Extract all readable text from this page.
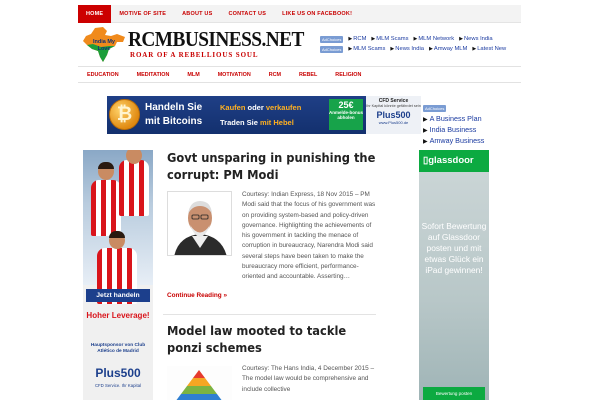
HOME	MOTIVE OF SITE	ABOUT US	CONTACT US	LIKE US ON FACEBOOK!
India My Love RCMBUSINESS.NET
ROAR OF A REBELLIOUS SOUL
AdChoices	▶RCM ▶MLM Scams ▶MLM Network ▶News India
AdChoices	▶MLM Scams ▶News India ▶Amway MLM ▶Latest New
EDUCATION	MEDITATION	MLM	MOTIVATION	RCM	REBEL	RELIGION
₿	Handeln Sie
mit Bitcoins
Kaufen oder verkaufen
Traden Sie mit Hebel
25€
Anmelde-bonus abholen
CFD Service
Ihr Kapital könnte gefährdet sein
Plus500
www.Plus500.de
AdChoices
▶ A Business Plan
▶ India Business
▶ Amway Business
Jetzt handeln
Hoher Leverage!
Hauptsponsor von Club Atlético de Madrid
Plus500
CFD Service. Ihr Kapital
Govt unsparing in punishing the corrupt: PM Modi

Courtesy: Indian Express, 18 Nov 2015 – PM Modi said that the focus of his government was on providing system-based and policy-driven governance. Highlighting the achievements of his government in tackling the menace of corruption in bureaucracy, Narendra Modi said several steps have been taken to make the bureaucracy more efficient, performance-oriented and accountable. Asserting…

Continue Reading »
Model law mooted to tackle ponzi schemes

Courtesy: The Hans India, 4 December 2015 – The model law would be comprehensive and include collective

▯glassdoor
Sofort Bewertung auf Glassdoor posten und mit etwas Glück ein iPad gewinnen!
Bewertung posten
